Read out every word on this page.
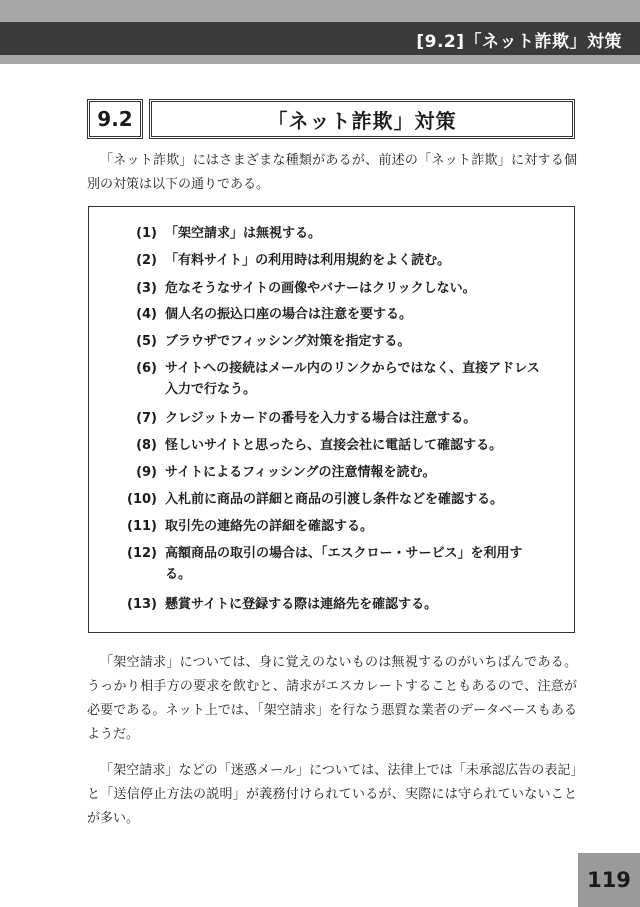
[9.2]「ネット詐欺」対策
9.2	「ネット詐欺」対策

「ネット詐欺」にはさまざまな種類があるが、前述の「ネット詐欺」に対する個別の対策は以下の通りである。

(1) 「架空請求」は無視する。
(2) 「有料サイト」の利用時は利用規約をよく読む。
(3) 危なそうなサイトの画像やバナーはクリックしない。
(4) 個人名の振込口座の場合は注意を要する。
(5) ブラウザでフィッシング対策を指定する。
(6) サイトへの接続はメール内のリンクからではなく、直接アドレス入力で行なう。
(7) クレジットカードの番号を入力する場合は注意する。
(8) 怪しいサイトと思ったら、直接会社に電話して確認する。
(9) サイトによるフィッシングの注意情報を読む。
(10) 入札前に商品の詳細と商品の引渡し条件などを確認する。
(11) 取引先の連絡先の詳細を確認する。
(12) 高額商品の取引の場合は、「エスクロー・サービス」を利用する。
(13) 懸賞サイトに登録する際は連絡先を確認する。

「架空請求」については、身に覚えのないものは無視するのがいちばんである。うっかり相手方の要求を飲むと、請求がエスカレートすることもあるので、注意が必要である。ネット上では、「架空請求」を行なう悪質な業者のデータベースもあるようだ。

「架空請求」などの「迷惑メール」については、法律上では「未承認広告の表記」と「送信停止方法の説明」が義務付けられているが、実際には守られていないことが多い。

119
